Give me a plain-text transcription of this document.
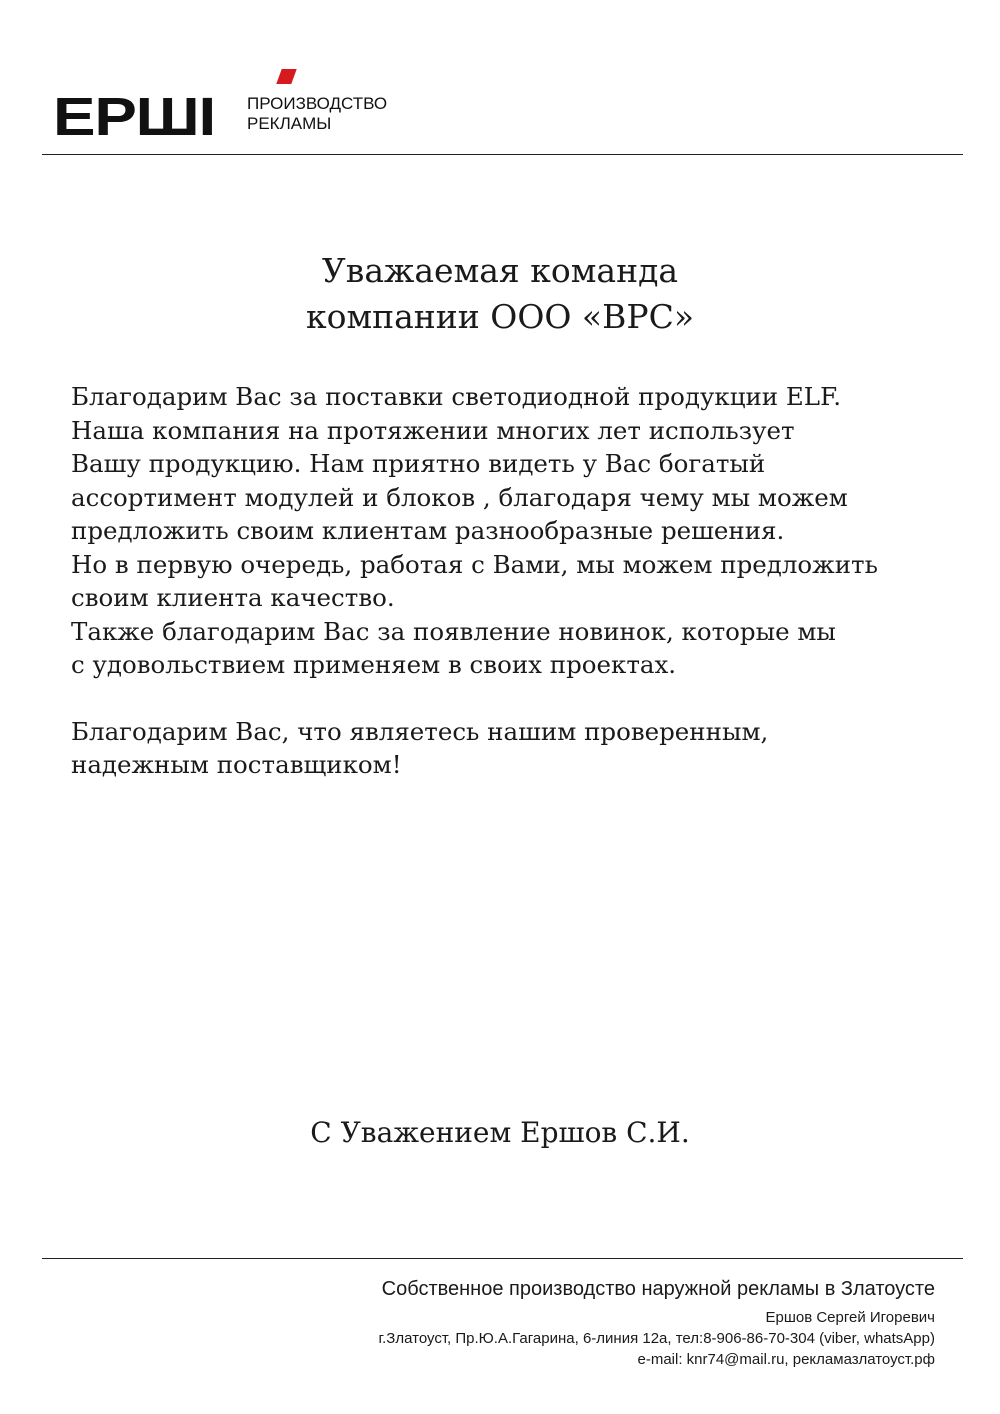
ЕРШI ПРОИЗВОДСТВО
РЕКЛАМЫ
Уважаемая команда
компании ООО «ВРС»
Благодарим Вас за поставки светодиодной продукции ELF.
Наша компания на протяжении многих лет использует
Вашу продукцию. Нам приятно видеть у Вас богатый
ассортимент модулей и блоков , благодаря чему мы можем
предложить своим клиентам разнообразные решения.
Но в первую очередь, работая с Вами, мы можем предложить
своим клиента качество.
Также благодарим Вас за появление новинок, которые мы
с удовольствием применяем в своих проектах.
Благодарим Вас, что являетесь нашим проверенным,
надежным поставщиком!
С Уважением Ершов С.И.
Собственное производство наружной рекламы в Златоусте
Ершов Сергей Игоревич
г.Златоуст, Пр.Ю.А.Гагарина, 6-линия 12а, тел:8-906-86-70-304 (viber, whatsApp)
e-mail: knr74@mail.ru, рекламазлатоуст.рф
